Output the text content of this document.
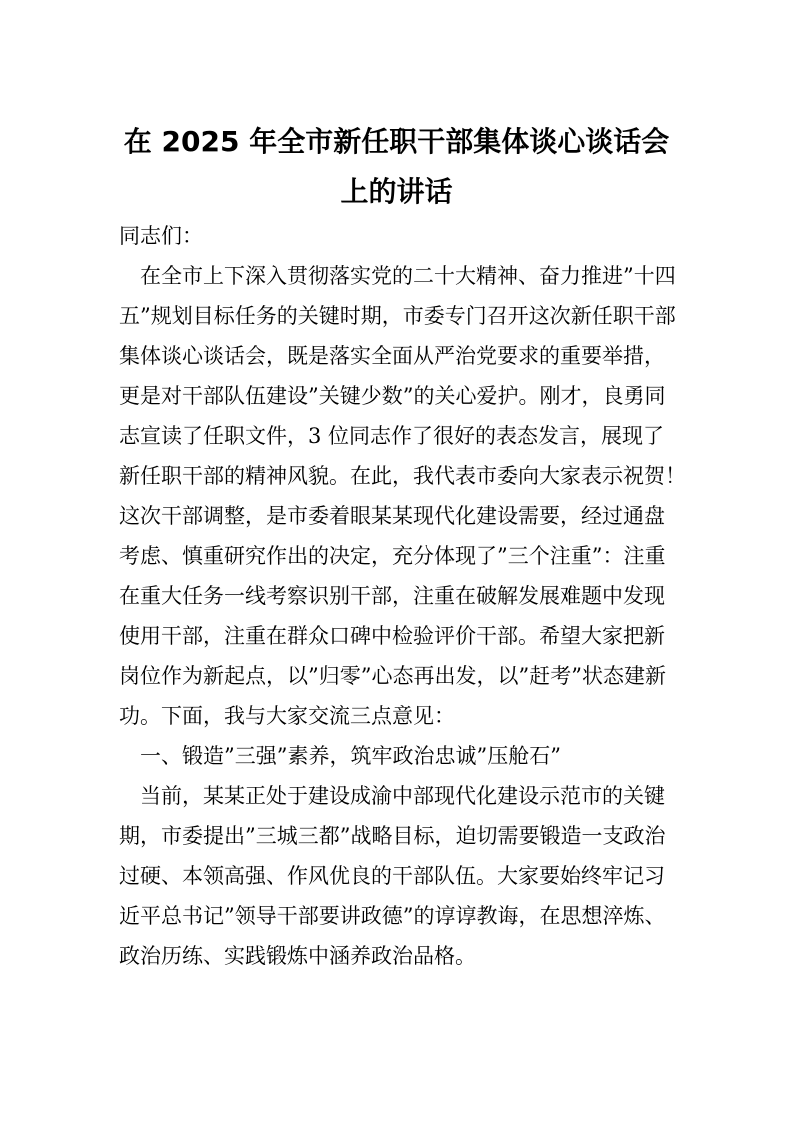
在 2025 年全市新任职干部集体谈心谈话会
上的讲话

同志们：

　在全市上下深入贯彻落实党的二十大精神、奋力推进”十四

五”规划目标任务的关键时期，市委专门召开这次新任职干部

集体谈心谈话会，既是落实全面从严治党要求的重要举措，

更是对干部队伍建设”关键少数”的关心爱护。刚才，良勇同

志宣读了任职文件，3 位同志作了很好的表态发言，展现了

新任职干部的精神风貌。在此，我代表市委向大家表示祝贺！

这次干部调整，是市委着眼某某现代化建设需要，经过通盘

考虑、慎重研究作出的决定，充分体现了”三个注重”：注重

在重大任务一线考察识别干部，注重在破解发展难题中发现

使用干部，注重在群众口碑中检验评价干部。希望大家把新

岗位作为新起点，以”归零”心态再出发，以”赶考”状态建新

功。下面，我与大家交流三点意见：

　一、锻造”三强”素养，筑牢政治忠诚”压舱石”

　当前，某某正处于建设成渝中部现代化建设示范市的关键

期，市委提出”三城三都”战略目标，迫切需要锻造一支政治

过硬、本领高强、作风优良的干部队伍。大家要始终牢记习

近平总书记”领导干部要讲政德”的谆谆教诲，在思想淬炼、

政治历练、实践锻炼中涵养政治品格。
